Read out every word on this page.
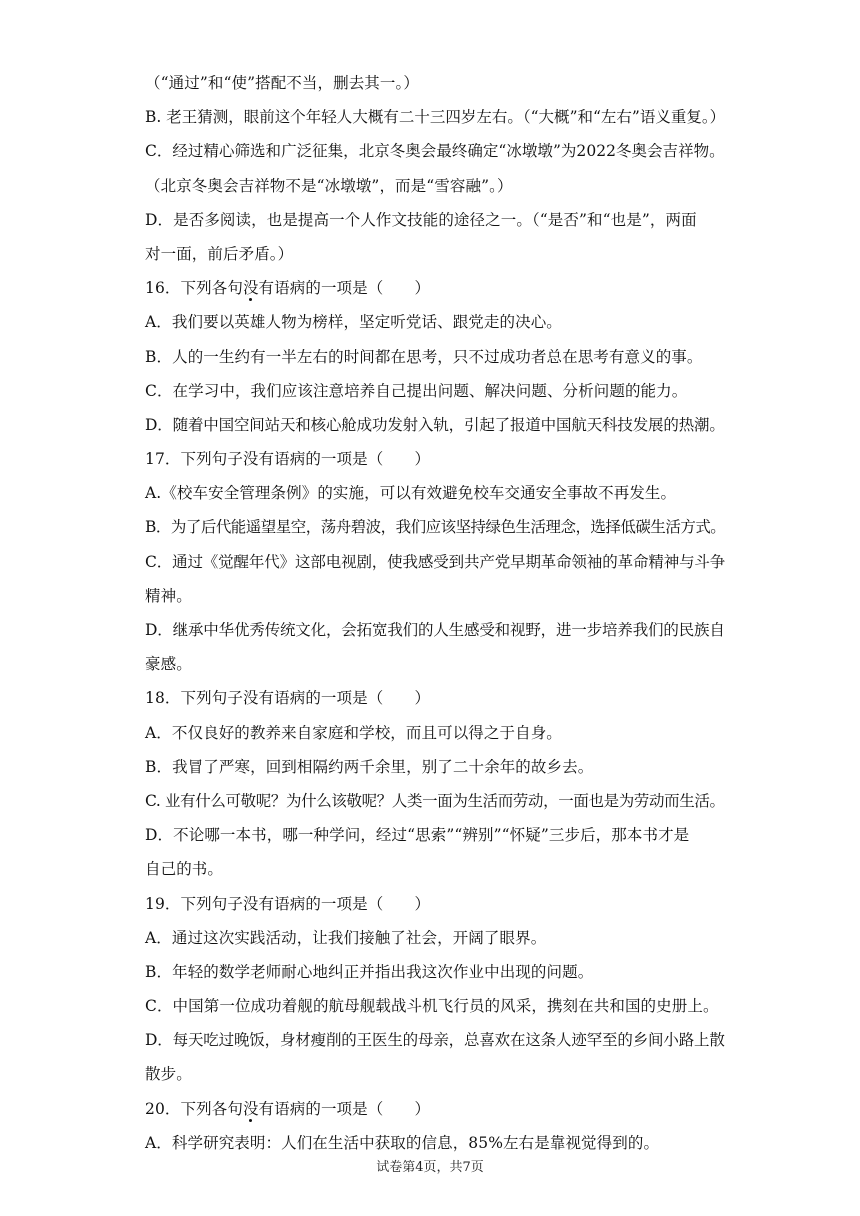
（“通过”和“使”搭配不当，删去其一。）
B. 老王猜测，眼前这个年轻人大概有二十三四岁左右。（“大概”和“左右”语义重复。）
C．经过精心筛选和广泛征集，北京冬奥会最终确定“冰墩墩”为2022冬奥会吉祥物。
（北京冬奥会吉祥物不是“冰墩墩”，而是“雪容融”。）
D．是否多阅读，也是提高一个人作文技能的途径之一。（“是否”和“也是”，两面
对一面，前后矛盾。）
16．下列各句没有语病的一项是（　　）
A．我们要以英雄人物为榜样，坚定听党话、跟党走的决心。
B．人的一生约有一半左右的时间都在思考，只不过成功者总在思考有意义的事。
C．在学习中，我们应该注意培养自己提出问题、解决问题、分析问题的能力。
D．随着中国空间站天和核心舱成功发射入轨，引起了报道中国航天科技发展的热潮。
17．下列句子没有语病的一项是（　　）
A.《校车安全管理条例》的实施，可以有效避免校车交通安全事故不再发生。
B．为了后代能遥望星空，荡舟碧波，我们应该坚持绿色生活理念，选择低碳生活方式。
C．通过《觉醒年代》这部电视剧，使我感受到共产党早期革命领袖的革命精神与斗争
精神。
D．继承中华优秀传统文化，会拓宽我们的人生感受和视野，进一步培养我们的民族自
豪感。
18．下列句子没有语病的一项是（　　）
A．不仅良好的教养来自家庭和学校，而且可以得之于自身。
B．我冒了严寒，回到相隔约两千余里，别了二十余年的故乡去。
C. 业有什么可敬呢？为什么该敬呢？人类一面为生活而劳动，一面也是为劳动而生活。
D．不论哪一本书，哪一种学问，经过“思索”“辨别”“怀疑”三步后，那本书才是
自己的书。
19．下列句子没有语病的一项是（　　）
A．通过这次实践活动，让我们接触了社会，开阔了眼界。
B．年轻的数学老师耐心地纠正并指出我这次作业中出现的问题。
C．中国第一位成功着舰的航母舰载战斗机飞行员的风采，携刻在共和国的史册上。
D．每天吃过晚饭，身材瘦削的王医生的母亲，总喜欢在这条人迹罕至的乡间小路上散
散步。
20．下列各句没有语病的一项是（　　）
A．科学研究表明：人们在生活中获取的信息，85%左右是靠视觉得到的。
试卷第4页，共7页
